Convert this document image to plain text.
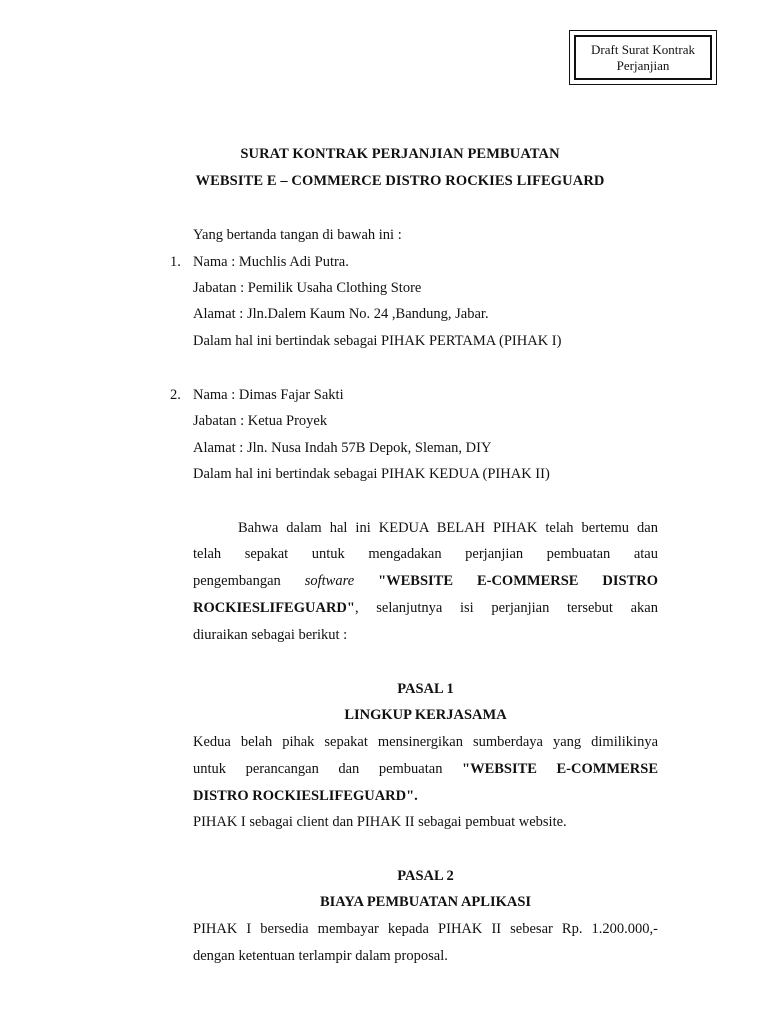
Draft Surat Kontrak
Perjanjian
SURAT KONTRAK PERJANJIAN PEMBUATAN
WEBSITE E – COMMERCE DISTRO ROCKIES LIFEGUARD
Yang bertanda tangan di bawah ini :
1. Nama : Muchlis Adi Putra.
Jabatan : Pemilik Usaha Clothing Store
Alamat : Jln.Dalem Kaum No. 24 ,Bandung, Jabar.
Dalam hal ini bertindak sebagai PIHAK PERTAMA (PIHAK I)
2. Nama : Dimas Fajar Sakti
Jabatan : Ketua Proyek
Alamat : Jln. Nusa Indah 57B Depok, Sleman, DIY
Dalam hal ini bertindak sebagai PIHAK KEDUA (PIHAK II)
Bahwa dalam hal ini KEDUA BELAH PIHAK telah bertemu dan
telah sepakat untuk mengadakan perjanjian pembuatan atau
pengembangan software "WEBSITE E-COMMERSE DISTRO
ROCKIESLIFEGUARD", selanjutnya isi perjanjian tersebut akan
diuraikan sebagai berikut :
PASAL 1
LINGKUP KERJASAMA
Kedua belah pihak sepakat mensinergikan sumberdaya yang dimilikinya
untuk perancangan dan pembuatan "WEBSITE E-COMMERSE
DISTRO ROCKIESLIFEGUARD".
PIHAK I sebagai client dan PIHAK II sebagai pembuat website.
PASAL 2
BIAYA PEMBUATAN APLIKASI
PIHAK I bersedia membayar kepada PIHAK II sebesar Rp. 1.200.000,-
dengan ketentuan terlampir dalam proposal.
